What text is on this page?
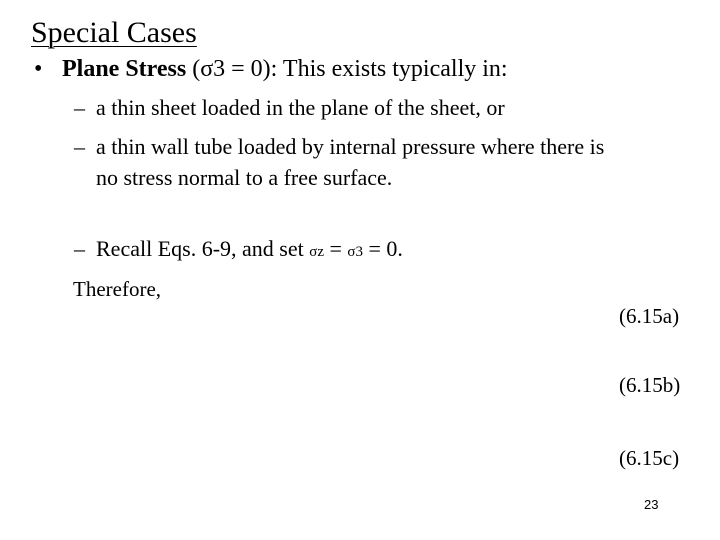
Special Cases
• Plane Stress (σ3 = 0): This exists typically in:
– a thin sheet loaded in the plane of the sheet, or
– a thin wall tube loaded by internal pressure where there is
no stress normal to a free surface.
– Recall Eqs. 6-9, and set σz = σ3 = 0.
Therefore,
(6.15a)
(6.15b)
(6.15c)
23
